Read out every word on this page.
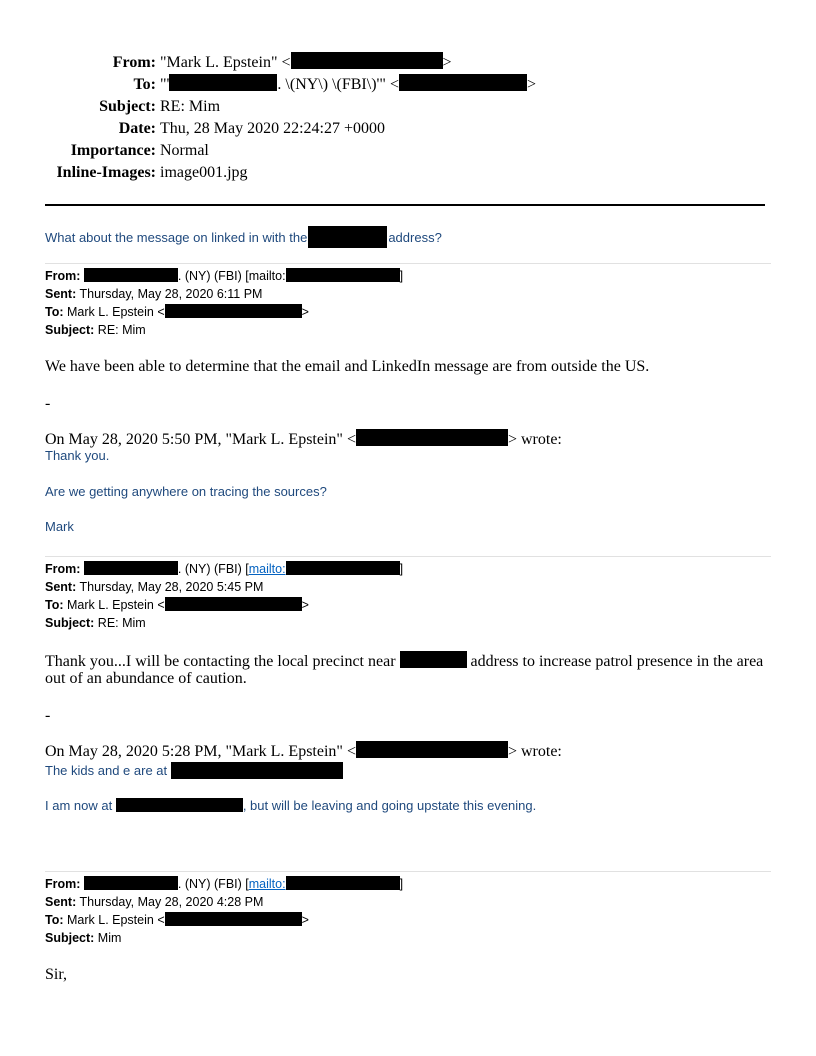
From: "Mark L. Epstein" <	>
To: "'	. \(NY\) \(FBI\)'" <	>
Subject: RE: Mim
Date: Thu, 28 May 2020 22:24:27 +0000
Importance: Normal
Inline-Images: image001.jpg
What about the message on linked in with the	address?
From:	. (NY) (FBI) [mailto:	]
Sent: Thursday, May 28, 2020 6:11 PM
To: Mark L. Epstein <	>
Subject: RE: Mim
We have been able to determine that the email and LinkedIn message are from outside the US.
-
On May 28, 2020 5:50 PM, "Mark L. Epstein" <	> wrote:
Thank you.
Are we getting anywhere on tracing the sources?
Mark
From:	. (NY) (FBI) [mailto:	]
Sent: Thursday, May 28, 2020 5:45 PM
To: Mark L. Epstein <	>
Subject: RE: Mim
Thank you...I will be contacting the local precinct near	address to increase patrol presence in the area
out of an abundance of caution.
-
On May 28, 2020 5:28 PM, "Mark L. Epstein" <	> wrote:
The kids and e are at
I am now at	, but will be leaving and going upstate this evening.
From:	. (NY) (FBI) [mailto:	]
Sent: Thursday, May 28, 2020 4:28 PM
To: Mark L. Epstein <	>
Subject: Mim
Sir,
